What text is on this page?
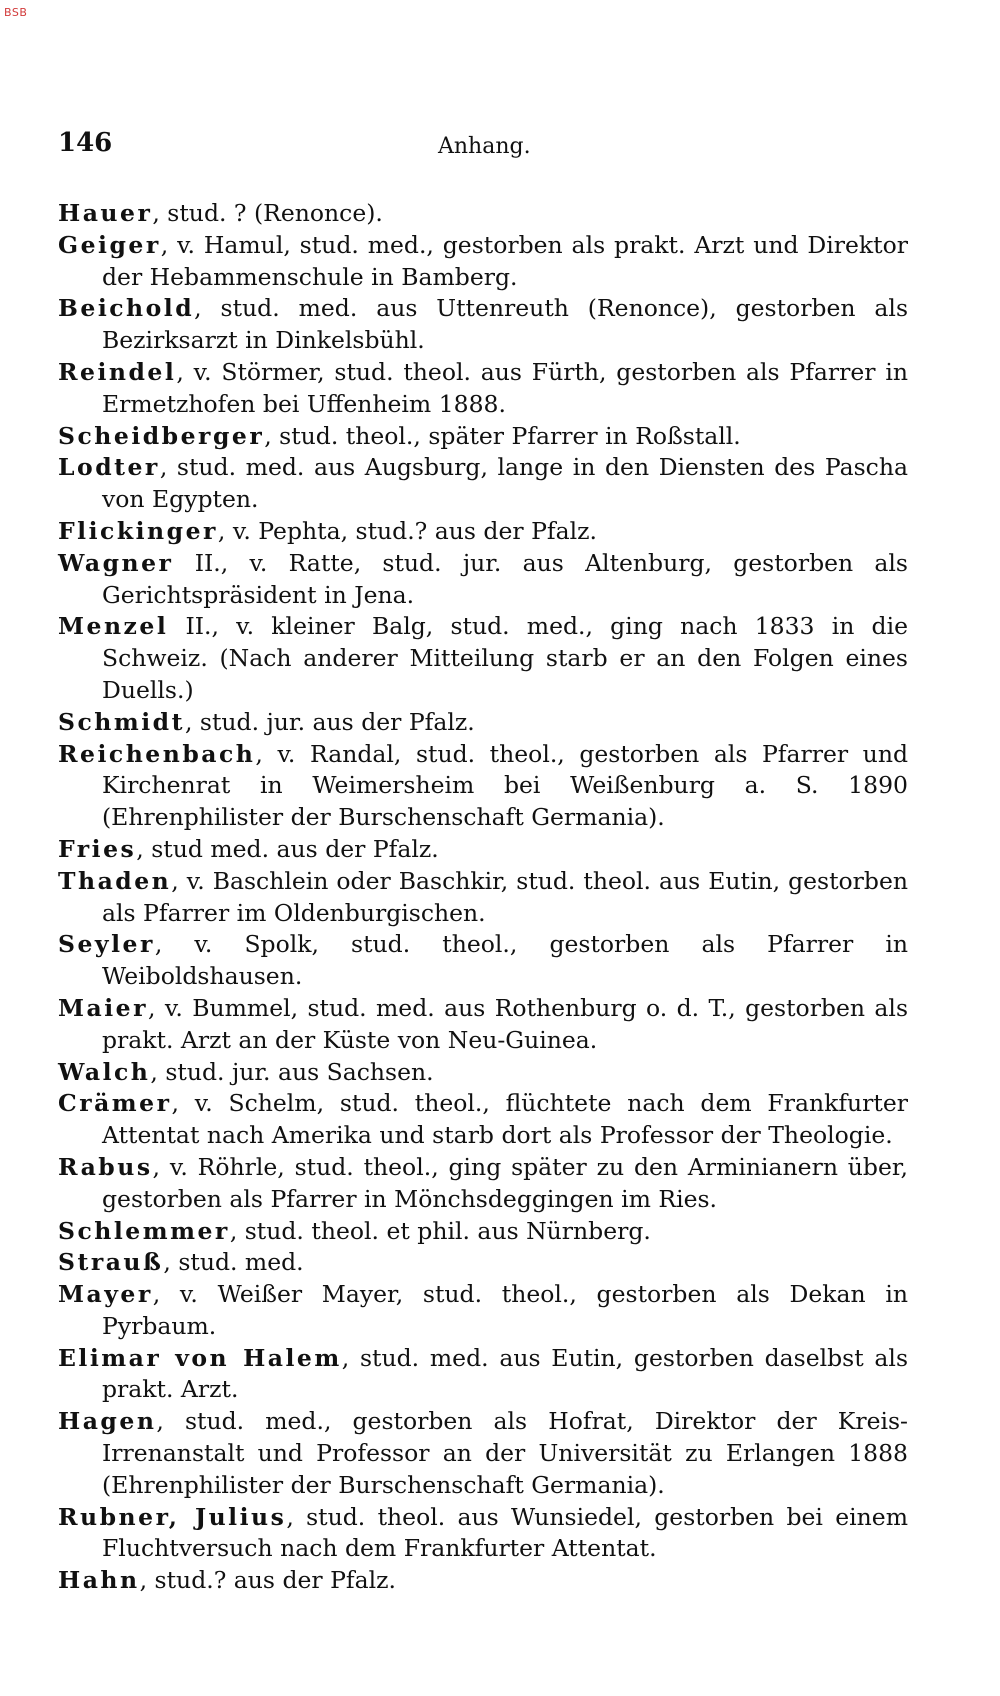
BSB
146	Anhang.

Hauer, stud. ? (Renonce).

Geiger, v. Hamul, stud. med., gestorben als prakt. Arzt und Direktor der Hebammenschule in Bamberg.

Beichold, stud. med. aus Uttenreuth (Renonce), gestorben als Bezirksarzt in Dinkelsbühl.

Reindel, v. Störmer, stud. theol. aus Fürth, gestorben als Pfarrer in Ermetzhofen bei Uffenheim 1888.

Scheidberger, stud. theol., später Pfarrer in Roßstall.

Lodter, stud. med. aus Augsburg, lange in den Diensten des Pascha von Egypten.

Flickinger, v. Pephta, stud.? aus der Pfalz.

Wagner II., v. Ratte, stud. jur. aus Altenburg, gestorben als Gerichtspräsident in Jena.

Menzel II., v. kleiner Balg, stud. med., ging nach 1833 in die Schweiz. (Nach anderer Mitteilung starb er an den Folgen eines Duells.)

Schmidt, stud. jur. aus der Pfalz.

Reichenbach, v. Randal, stud. theol., gestorben als Pfarrer und Kirchenrat in Weimersheim bei Weißenburg a. S. 1890 (Ehrenphilister der Burschenschaft Germania).

Fries, stud med. aus der Pfalz.

Thaden, v. Baschlein oder Baschkir, stud. theol. aus Eutin, gestorben als Pfarrer im Oldenburgischen.

Seyler, v. Spolk, stud. theol., gestorben als Pfarrer in Weiboldshausen.

Maier, v. Bummel, stud. med. aus Rothenburg o. d. T., gestorben als prakt. Arzt an der Küste von Neu-Guinea.

Walch, stud. jur. aus Sachsen.

Crämer, v. Schelm, stud. theol., flüchtete nach dem Frankfurter Attentat nach Amerika und starb dort als Professor der Theologie.

Rabus, v. Röhrle, stud. theol., ging später zu den Arminianern über, gestorben als Pfarrer in Mönchsdeggingen im Ries.

Schlemmer, stud. theol. et phil. aus Nürnberg.

Strauß, stud. med.

Mayer, v. Weißer Mayer, stud. theol., gestorben als Dekan in Pyrbaum.

Elimar von Halem, stud. med. aus Eutin, gestorben daselbst als prakt. Arzt.

Hagen, stud. med., gestorben als Hofrat, Direktor der Kreis-Irrenanstalt und Professor an der Universität zu Erlangen 1888 (Ehrenphilister der Burschenschaft Germania).

Rubner, Julius, stud. theol. aus Wunsiedel, gestorben bei einem Fluchtversuch nach dem Frankfurter Attentat.

Hahn, stud.? aus der Pfalz.
